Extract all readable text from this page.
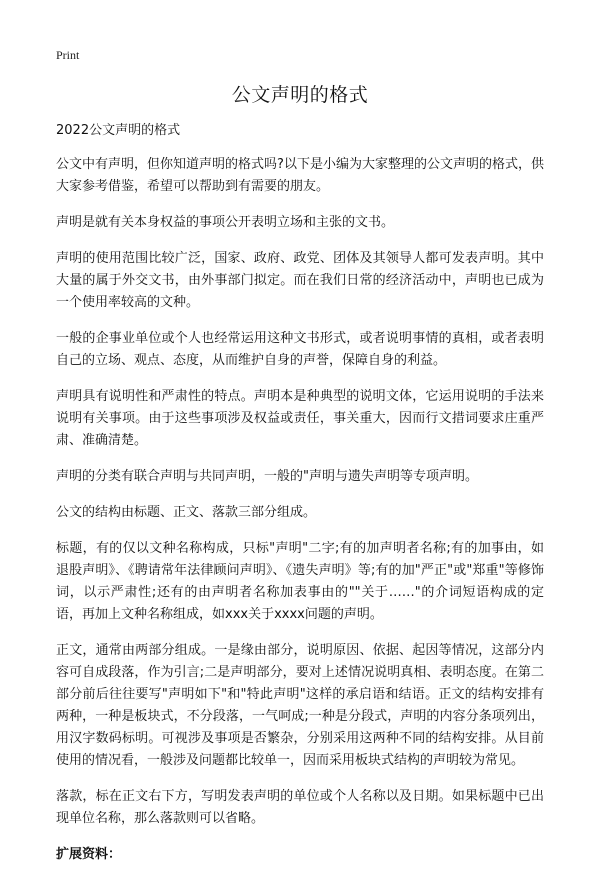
Print
公文声明的格式

2022公文声明的格式

公文中有声明，但你知道声明的格式吗?以下是小编为大家整理的公文声明的格式，供大家参考借鉴，希望可以帮助到有需要的朋友。

声明是就有关本身权益的事项公开表明立场和主张的文书。

声明的使用范围比较广泛，国家、政府、政党、团体及其领导人都可发表声明。其中大量的属于外交文书，由外事部门拟定。而在我们日常的经济活动中，声明也已成为一个使用率较高的文种。

一般的企事业单位或个人也经常运用这种文书形式，或者说明事情的真相，或者表明自己的立场、观点、态度，从而维护自身的声誉，保障自身的利益。

声明具有说明性和严肃性的特点。声明本是种典型的说明文体，它运用说明的手法来说明有关事项。由于这些事项涉及权益或责任，事关重大，因而行文措词要求庄重严肃、准确清楚。

声明的分类有联合声明与共同声明，一般的"声明与遗失声明等专项声明。

公文的结构由标题、正文、落款三部分组成。

标题，有的仅以文种名称构成，只标"声明"二字;有的加声明者名称;有的加事由，如退股声明》、《聘请常年法律顾问声明》、《遗失声明》等;有的加"严正"或"郑重"等修饰词，以示严肃性;还有的由声明者名称加表事由的""关于……"的介词短语构成的定语，再加上文种名称组成，如xxx关于xxxx问题的声明。

正文，通常由两部分组成。一是缘由部分，说明原因、依据、起因等情况，这部分内容可自成段落，作为引言;二是声明部分，要对上述情况说明真相、表明态度。在第二部分前后往往要写"声明如下"和"特此声明"这样的承启语和结语。正文的结构安排有两种，一种是板块式，不分段落，一气呵成;一种是分段式，声明的内容分条项列出，用汉字数码标明。可视涉及事项是否繁杂，分别采用这两种不同的结构安排。从目前使用的情况看，一般涉及问题都比较单一，因而采用板块式结构的声明较为常见。

落款，标在正文右下方，写明发表声明的单位或个人名称以及日期。如果标题中已出现单位名称，那么落款则可以省略。

扩展资料：
